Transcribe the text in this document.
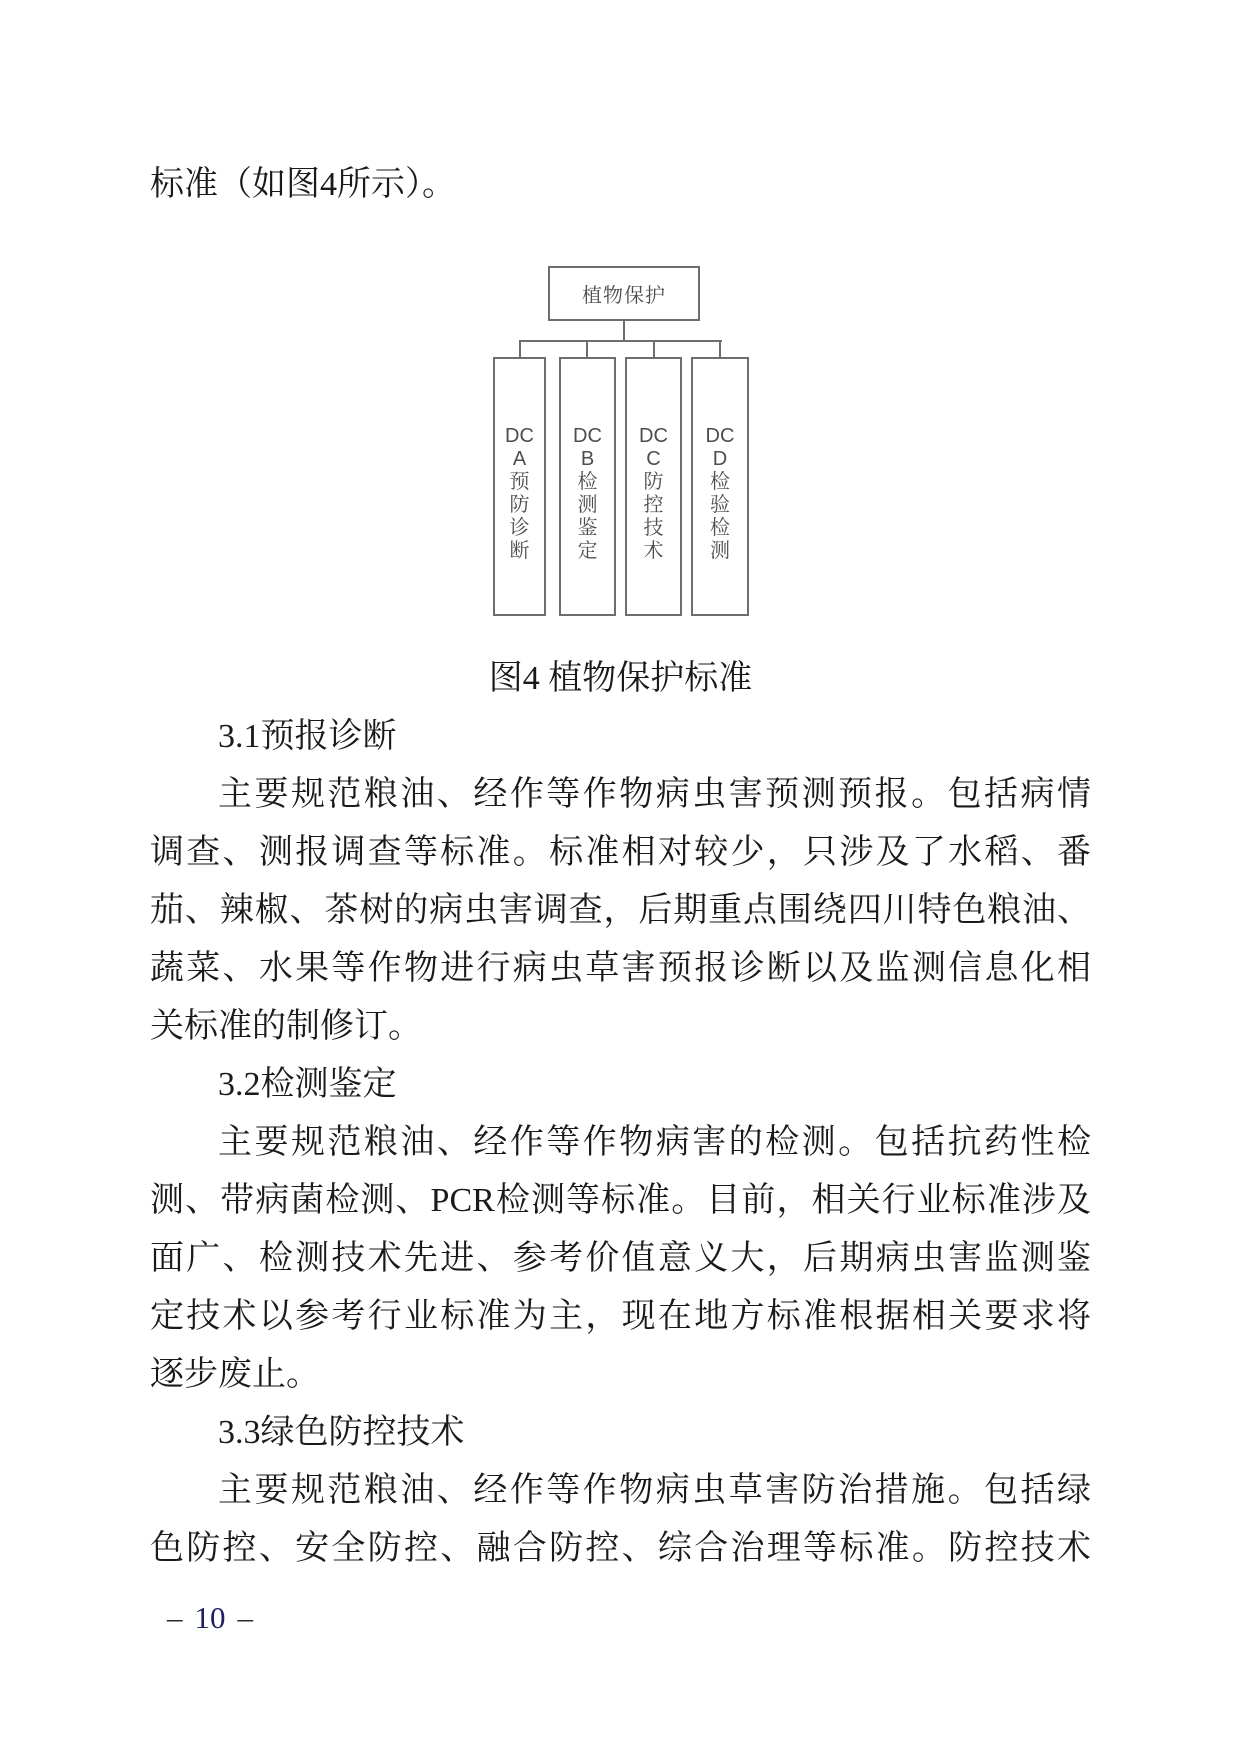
标准（如图4所示）。
植物保护
DC
A
预
防
诊
断
DC
B
检
测
鉴
定
DC
C
防
控
技
术
DC
D
检
验
检
测
图4 植物保护标准
3.1预报诊断
主要规范粮油、经作等作物病虫害预测预报。包括病情
调查、测报调查等标准。标准相对较少，只涉及了水稻、番
茄、辣椒、茶树的病虫害调查，后期重点围绕四川特色粮油、
蔬菜、水果等作物进行病虫草害预报诊断以及监测信息化相
关标准的制修订。
3.2检测鉴定
主要规范粮油、经作等作物病害的检测。包括抗药性检
测、带病菌检测、PCR检测等标准。目前，相关行业标准涉及
面广、检测技术先进、参考价值意义大，后期病虫害监测鉴
定技术以参考行业标准为主，现在地方标准根据相关要求将
逐步废止。
3.3绿色防控技术
主要规范粮油、经作等作物病虫草害防治措施。包括绿
色防控、安全防控、融合防控、综合治理等标准。防控技术
– 10 –
